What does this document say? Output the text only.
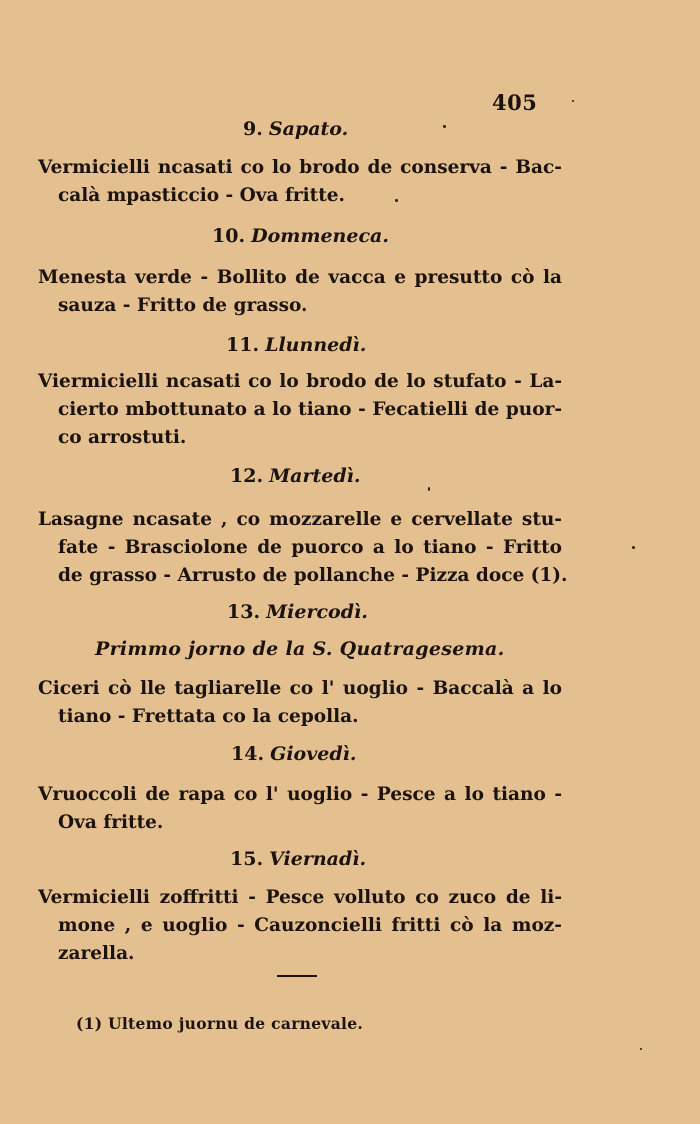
405
9. Sapato.
Vermicielli ncasati co lo brodo de conserva - Bac-
calà mpasticcio - Ova fritte.
10. Dommeneca.
Menesta verde - Bollito de vacca e presutto cò la
sauza - Fritto de grasso.
11. Llunnedì.
Viermicielli ncasati co lo brodo de lo stufato - La-
cierto mbottunato a lo tiano - Fecatielli de puor-
co arrostuti.
12. Martedì.
Lasagne ncasate , co mozzarelle e cervellate stu-
fate - Brasciolone de puorco a lo tiano - Fritto
de grasso - Arrusto de pollanche - Pizza doce (1).
13. Miercodì.
Primmo jorno de la S. Quatragesema.
Ciceri cò lle tagliarelle co l' uoglio - Baccalà a lo
tiano - Frettata co la cepolla.
14. Giovedì.
Vruoccoli de rapa co l' uoglio - Pesce a lo tiano -
Ova fritte.
15. Viernadì.
Vermicielli zoffritti - Pesce volluto co zuco de li-
mone , e uoglio - Cauzoncielli fritti cò la moz-
zarella.
(1) Ultemo juornu de carnevale.
